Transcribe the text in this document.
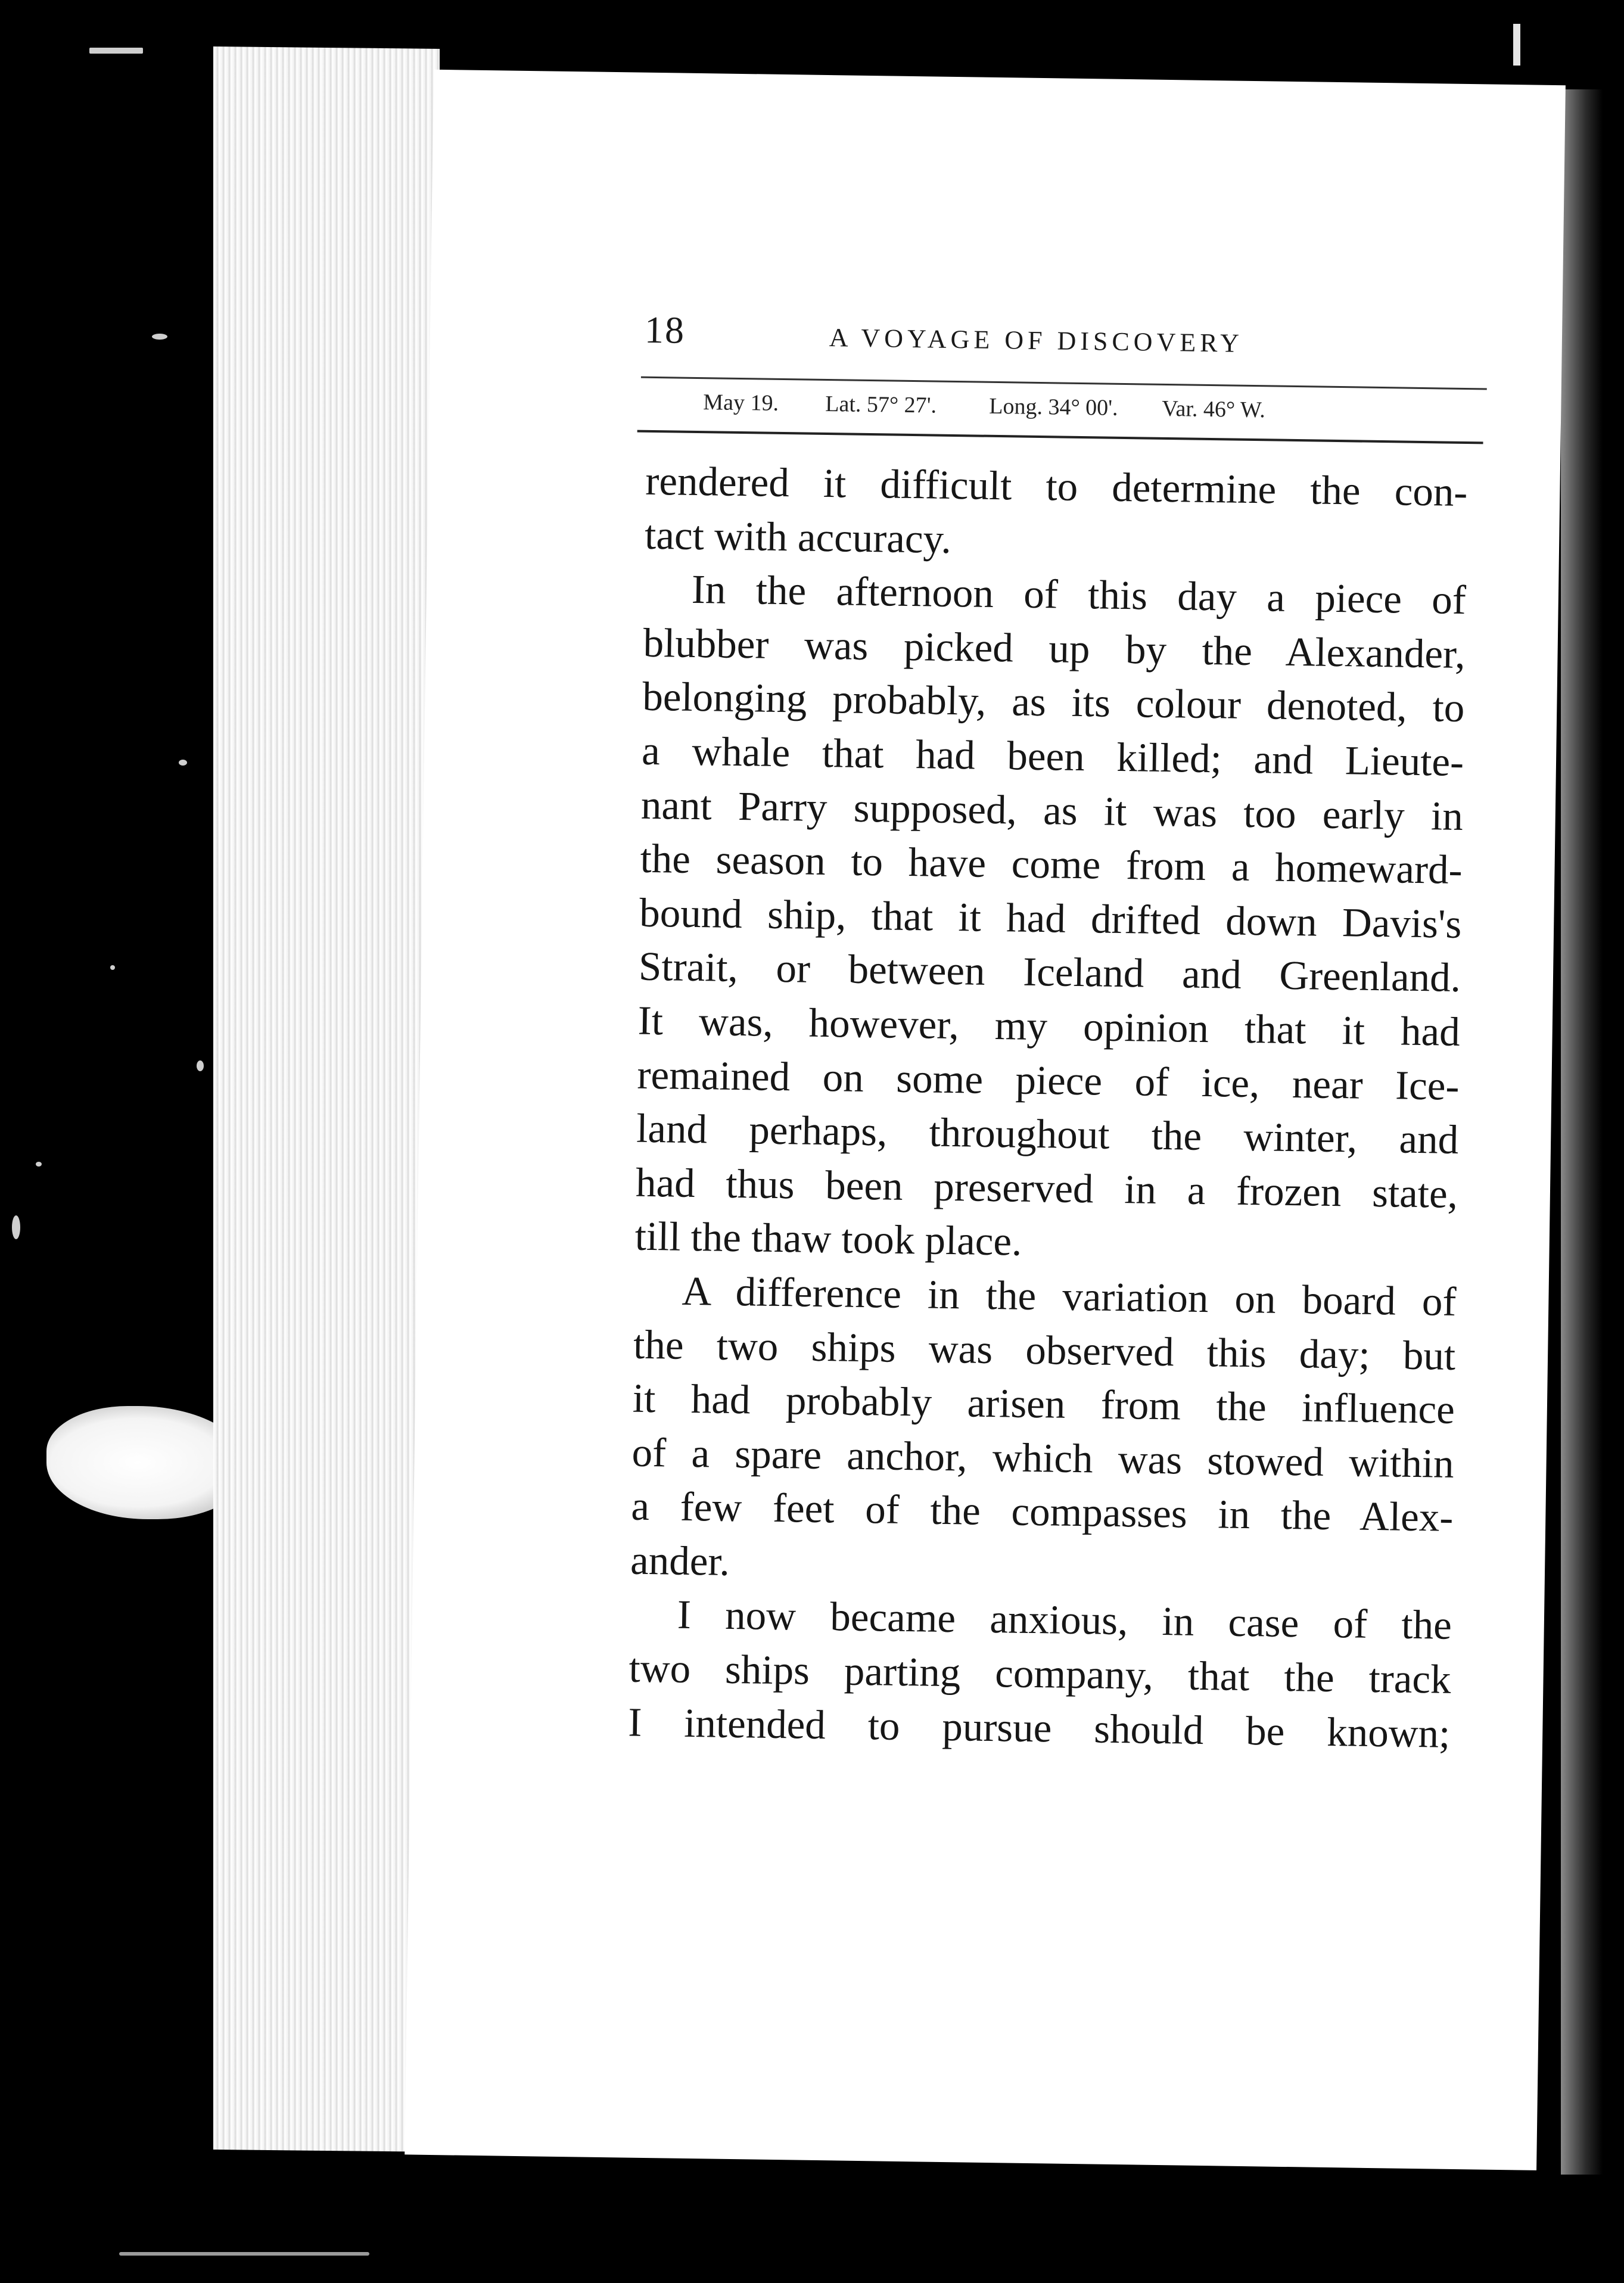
18	A VOYAGE OF DISCOVERY
May 19. Lat. 57° 27'. Long. 34° 00'. Var. 46° W.
rendered it difficult to determine the con-
tact with accuracy.
In the afternoon of this day a piece of
blubber was picked up by the Alexander,
belonging probably, as its colour denoted, to
a whale that had been killed; and Lieute-
nant Parry supposed, as it was too early in
the season to have come from a homeward-
bound ship, that it had drifted down Davis's
Strait, or between Iceland and Greenland.
It was, however, my opinion that it had
remained on some piece of ice, near Ice-
land perhaps, throughout the winter, and
had thus been preserved in a frozen state,
till the thaw took place.
A difference in the variation on board of
the two ships was observed this day; but
it had probably arisen from the influence
of a spare anchor, which was stowed within
a few feet of the compasses in the Alex-
ander.
I now became anxious, in case of the
two ships parting company, that the track
I intended to pursue should be known;
